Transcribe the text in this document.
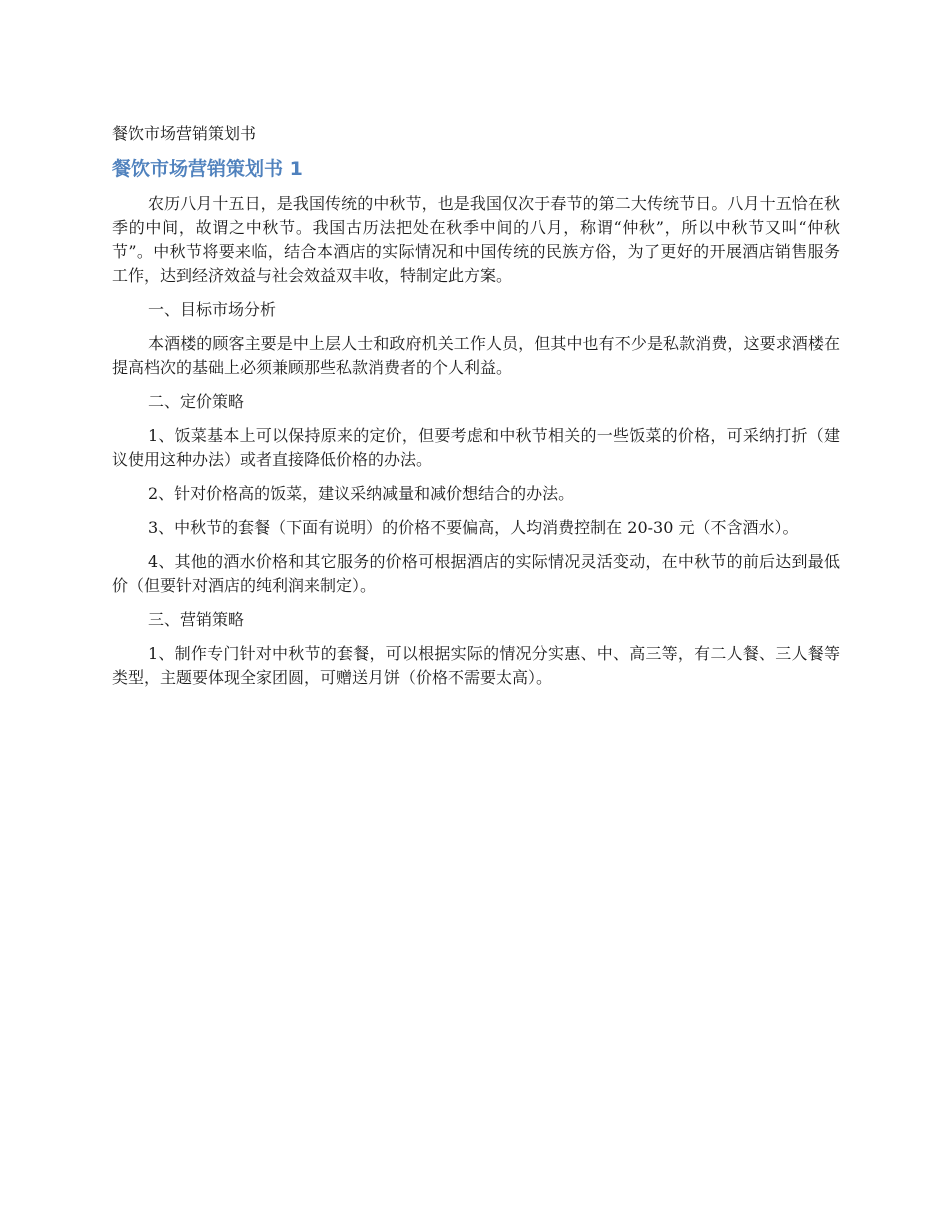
餐饮市场营销策划书
餐饮市场营销策划书 1

农历八月十五日，是我国传统的中秋节，也是我国仅次于春节的第二大传统节日。八月十五恰在秋季的中间，故谓之中秋节。我国古历法把处在秋季中间的八月，称谓“仲秋”，所以中秋节又叫“仲秋节”。中秋节将要来临，结合本酒店的实际情况和中国传统的民族方俗，为了更好的开展酒店销售服务工作，达到经济效益与社会效益双丰收，特制定此方案。

一、目标市场分析

本酒楼的顾客主要是中上层人士和政府机关工作人员，但其中也有不少是私款消费，这要求酒楼在提高档次的基础上必须兼顾那些私款消费者的个人利益。

二、定价策略

1、饭菜基本上可以保持原来的定价，但要考虑和中秋节相关的一些饭菜的价格，可采纳打折（建议使用这种办法）或者直接降低价格的办法。

2、针对价格高的饭菜，建议采纳减量和减价想结合的办法。

3、中秋节的套餐（下面有说明）的价格不要偏高，人均消费控制在 20-30 元（不含酒水）。

4、其他的酒水价格和其它服务的价格可根据酒店的实际情况灵活变动，在中秋节的前后达到最低价（但要针对酒店的纯利润来制定）。

三、营销策略

1、制作专门针对中秋节的套餐，可以根据实际的情况分实惠、中、高三等，有二人餐、三人餐等类型，主题要体现全家团圆，可赠送月饼（价格不需要太高）。
